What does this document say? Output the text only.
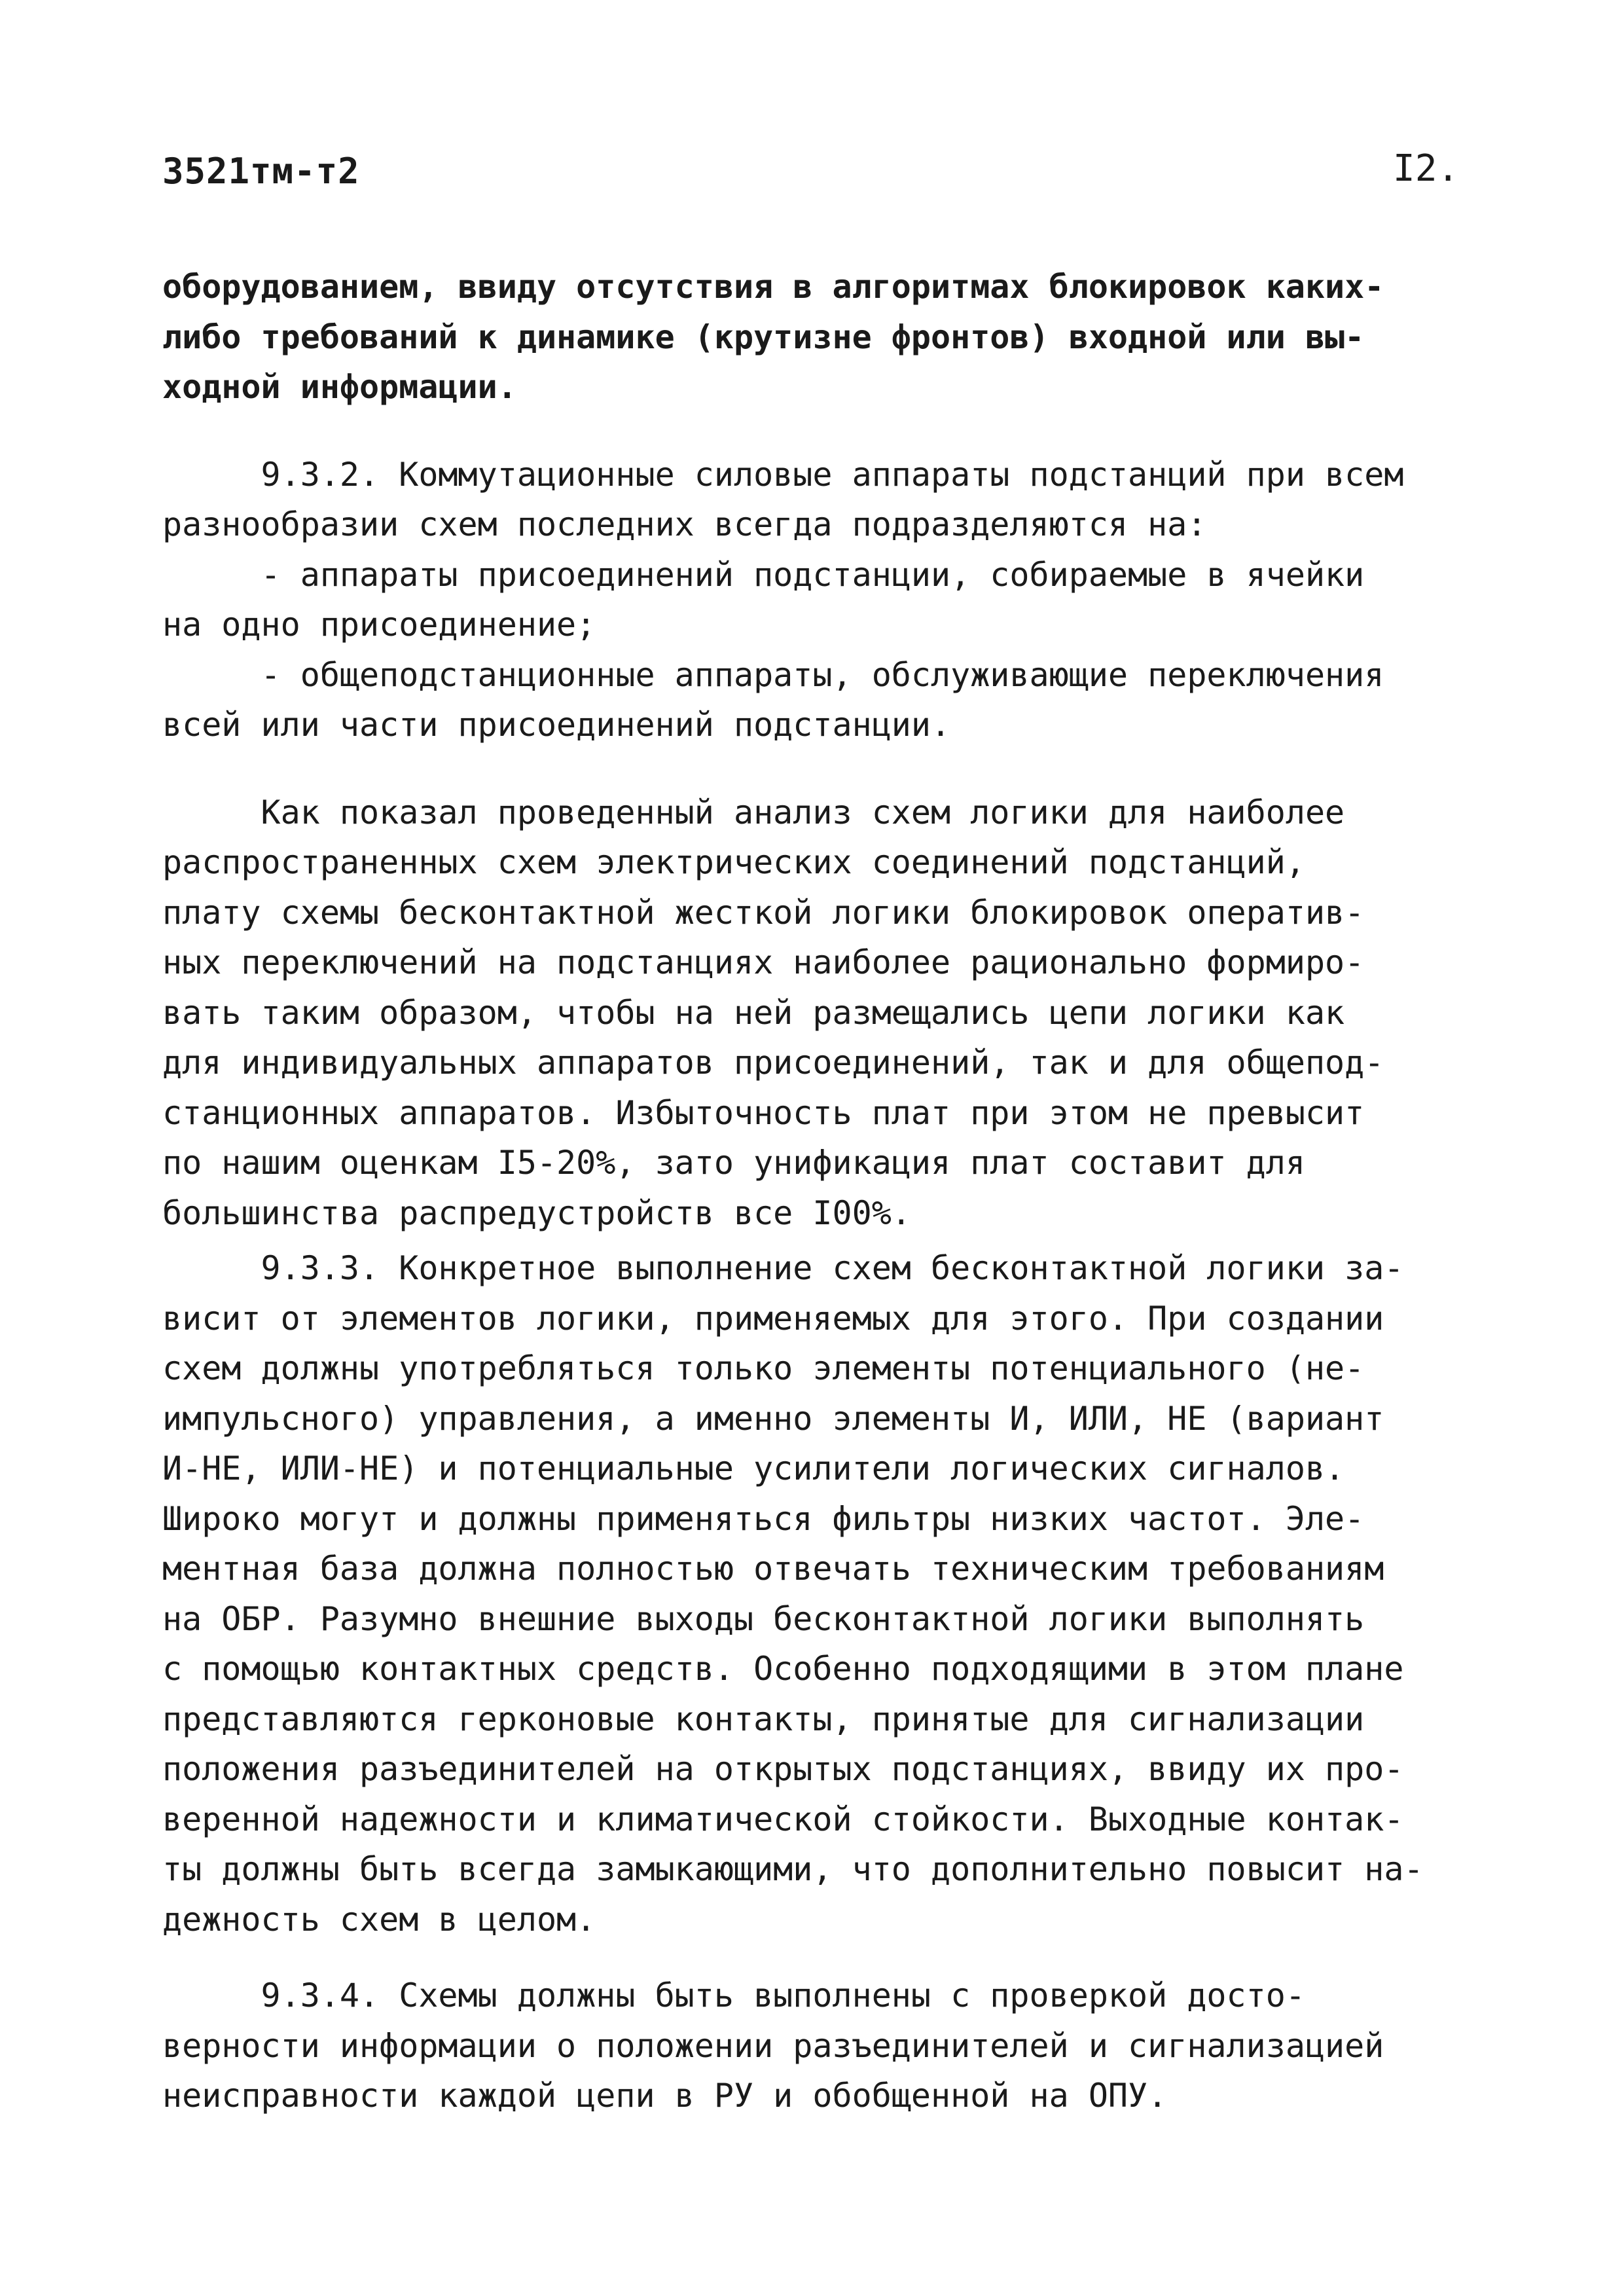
3521тм-т2	I2.
оборудованием, ввиду отсутствия в алгоритмах блокировок каких-
либо требований к динамике (крутизне фронтов) входной или вы-
ходной информации.
9.3.2. Коммутационные силовые аппараты подстанций при всем
разнообразии схем последних всегда подразделяются на:
- аппараты присоединений подстанции, собираемые в ячейки
на одно присоединение;
- общеподстанционные аппараты, обслуживающие переключения
всей или части присоединений подстанции.
Как показал проведенный анализ схем логики для наиболее
распространенных схем электрических соединений подстанций,
плату схемы бесконтактной жесткой логики блокировок оператив-
ных переключений на подстанциях наиболее рационально формиро-
вать таким образом, чтобы на ней размещались цепи логики как
для индивидуальных аппаратов присоединений, так и для общепод-
станционных аппаратов. Избыточность плат при этом не превысит
по нашим оценкам I5-20%, зато унификация плат составит для
большинства распредустройств все I00%.
9.3.3. Конкретное выполнение схем бесконтактной логики за-
висит от элементов логики, применяемых для этого. При создании
схем должны употребляться только элементы потенциального (не-
импульсного) управления, а именно элементы И, ИЛИ, НЕ (вариант
И-НЕ, ИЛИ-НЕ) и потенциальные усилители логических сигналов.
Широко могут и должны применяться фильтры низких частот. Эле-
ментная база должна полностью отвечать техническим требованиям
на ОБР. Разумно внешние выходы бесконтактной логики выполнять
с помощью контактных средств. Особенно подходящими в этом плане
представляются герконовые контакты, принятые для сигнализации
положения разъединителей на открытых подстанциях, ввиду их про-
веренной надежности и климатической стойкости. Выходные контак-
ты должны быть всегда замыкающими, что дополнительно повысит на-
дежность схем в целом.
9.3.4. Схемы должны быть выполнены с проверкой досто-
верности информации о положении разъединителей и сигнализацией
неисправности каждой цепи в РУ и обобщенной на ОПУ.
